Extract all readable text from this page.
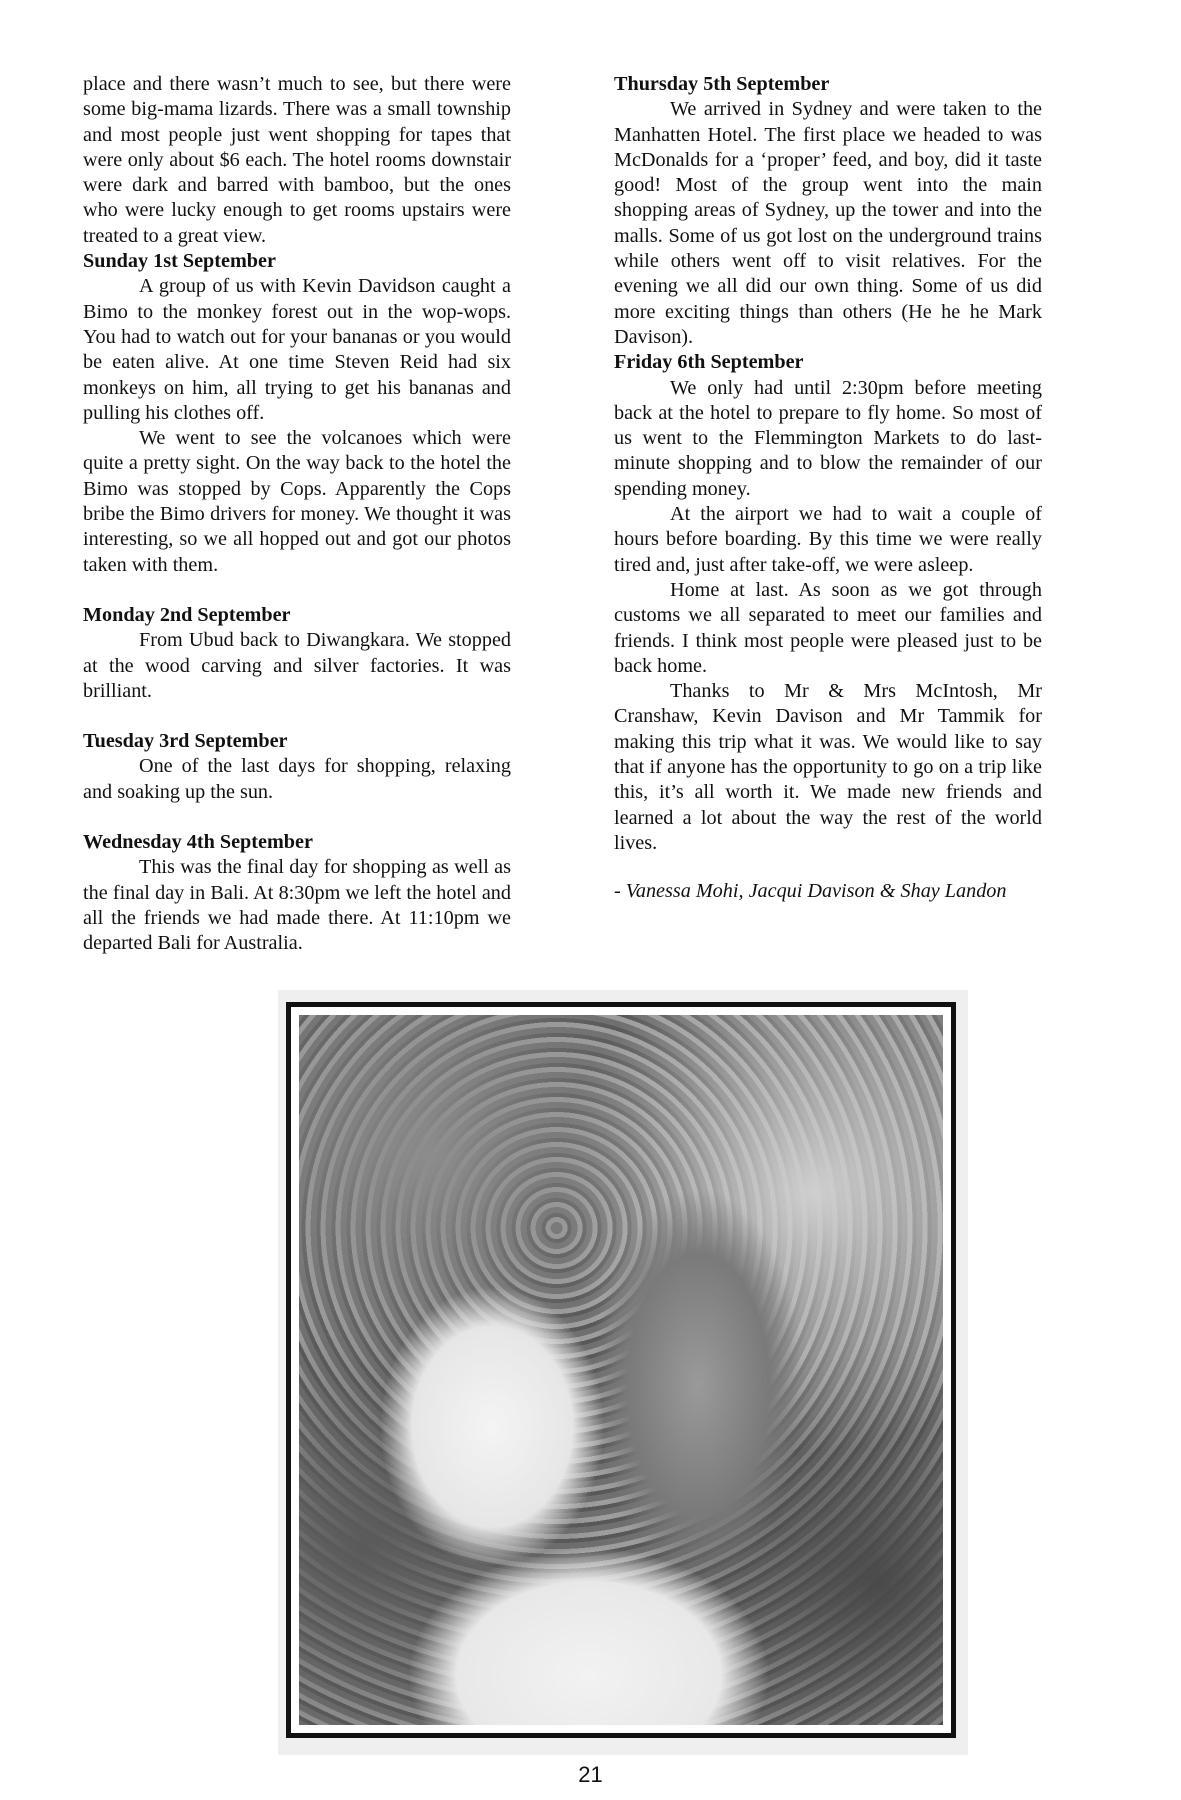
place and there wasn’t much to see, but there were some big-mama lizards. There was a small township and most people just went shopping for tapes that were only about $6 each. The hotel rooms downstair were dark and barred with bamboo, but the ones who were lucky enough to get rooms upstairs were treated to a great view.

Sunday 1st September

A group of us with Kevin Davidson caught a Bimo to the monkey forest out in the wop-wops. You had to watch out for your bananas or you would be eaten alive. At one time Steven Reid had six monkeys on him, all trying to get his bananas and pulling his clothes off.

We went to see the volcanoes which were quite a pretty sight. On the way back to the hotel the Bimo was stopped by Cops. Apparently the Cops bribe the Bimo drivers for money. We thought it was interesting, so we all hopped out and got our photos taken with them.

Monday 2nd September

From Ubud back to Diwangkara. We stopped at the wood carving and silver factories. It was brilliant.

Tuesday 3rd September

One of the last days for shopping, relaxing and soaking up the sun.

Wednesday 4th September

This was the final day for shopping as well as the final day in Bali. At 8:30pm we left the hotel and all the friends we had made there. At 11:10pm we departed Bali for Australia.

Thursday 5th September

We arrived in Sydney and were taken to the Manhatten Hotel. The first place we headed to was McDonalds for a ‘proper’ feed, and boy, did it taste good! Most of the group went into the main shopping areas of Sydney, up the tower and into the malls. Some of us got lost on the underground trains while others went off to visit relatives. For the evening we all did our own thing. Some of us did more exciting things than others (He he he Mark Davison).

Friday 6th September

We only had until 2:30pm before meeting back at the hotel to prepare to fly home. So most of us went to the Flemmington Markets to do last-minute shopping and to blow the remainder of our spending money.

At the airport we had to wait a couple of hours before boarding. By this time we were really tired and, just after take-off, we were asleep.

Home at last. As soon as we got through customs we all separated to meet our families and friends. I think most people were pleased just to be back home.

Thanks to Mr & Mrs McIntosh, Mr Cranshaw, Kevin Davison and Mr Tammik for making this trip what it was. We would like to say that if anyone has the opportunity to go on a trip like this, it’s all worth it. We made new friends and learned a lot about the way the rest of the world lives.

- Vanessa Mohi, Jacqui Davison & Shay Landon

21
